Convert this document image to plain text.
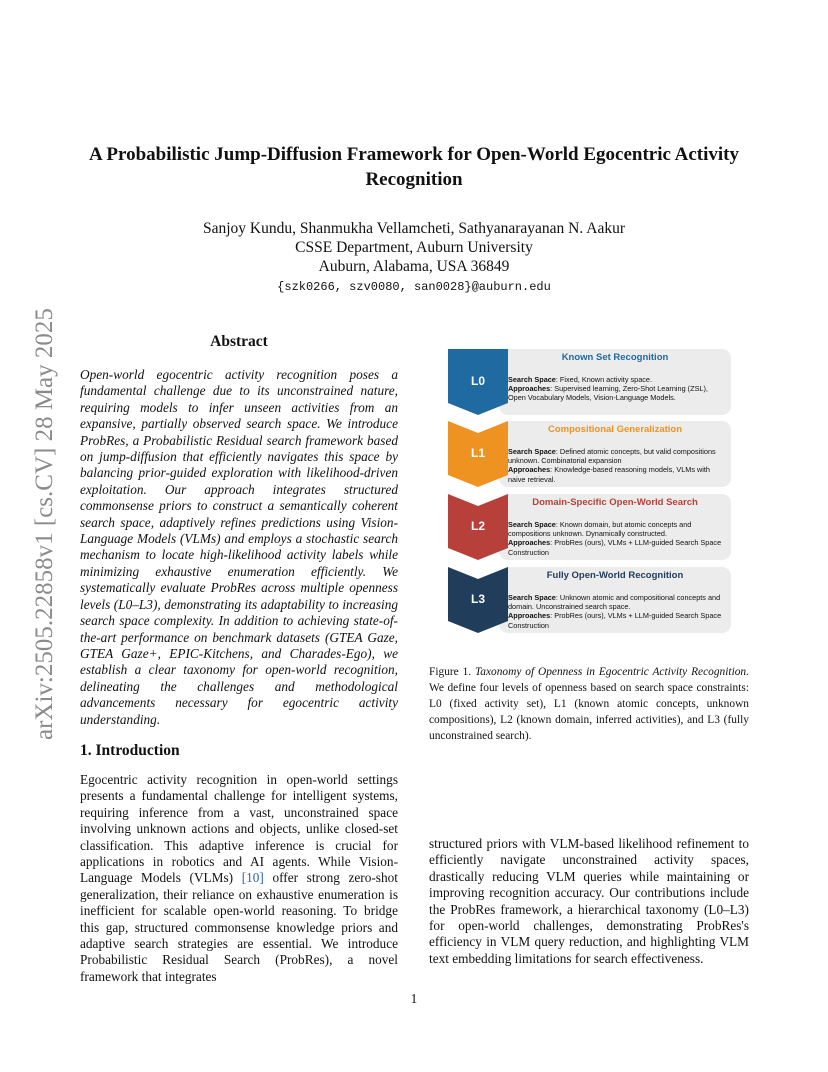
arXiv:2505.22858v1 [cs.CV] 28 May 2025
A Probabilistic Jump-Diffusion Framework for Open-World Egocentric Activity
Recognition
Sanjoy Kundu, Shanmukha Vellamcheti, Sathyanarayanan N. Aakur
CSSE Department, Auburn University
Auburn, Alabama, USA 36849
{szk0266, szv0080, san0028}@auburn.edu
Abstract
Open-world egocentric activity recognition poses a fundamental challenge due to its unconstrained nature, requiring models to infer unseen activities from an expansive, partially observed search space. We introduce ProbRes, a Probabilistic Residual search framework based on jump-diffusion that efficiently navigates this space by balancing prior-guided exploration with likelihood-driven exploitation. Our approach integrates structured commonsense priors to construct a semantically coherent search space, adaptively refines predictions using Vision-Language Models (VLMs) and employs a stochastic search mechanism to locate high-likelihood activity labels while minimizing exhaustive enumeration efficiently. We systematically evaluate ProbRes across multiple openness levels (L0–L3), demonstrating its adaptability to increasing search space complexity. In addition to achieving state-of-the-art performance on benchmark datasets (GTEA Gaze, GTEA Gaze+, EPIC-Kitchens, and Charades-Ego), we establish a clear taxonomy for open-world recognition, delineating the challenges and methodological advancements necessary for egocentric activity understanding.
1. Introduction
Egocentric activity recognition in open-world settings presents a fundamental challenge for intelligent systems, requiring inference from a vast, unconstrained space involving unknown actions and objects, unlike closed-set classification. This adaptive inference is crucial for applications in robotics and AI agents. While Vision-Language Models (VLMs) [10] offer strong zero-shot generalization, their reliance on exhaustive enumeration is inefficient for scalable open-world reasoning. To bridge this gap, structured commonsense knowledge priors and adaptive search strategies are essential. We introduce Probabilistic Residual Search (ProbRes), a novel framework that integrates
structured priors with VLM-based likelihood refinement to efficiently navigate unconstrained activity spaces, drastically reducing VLM queries while maintaining or improving recognition accuracy. Our contributions include the ProbRes framework, a hierarchical taxonomy (L0–L3) for open-world challenges, demonstrating ProbRes's efficiency in VLM query reduction, and highlighting VLM text embedding limitations for search effectiveness.
Known Set Recognition
Search Space: Fixed, Known activity space.
Approaches: Supervised learning, Zero-Shot Learning (ZSL), Open Vocabulary Models, Vision-Language Models.
L0
Compositional Generalization
Search Space: Defined atomic concepts, but valid compositions unknown. Combinatorial expansion
Approaches: Knowledge-based reasoning models, VLMs with naive retrieval.
L1
Domain-Specific Open-World Search
Search Space: Known domain, but atomic concepts and compositions unknown. Dynamically constructed.
Approaches: ProbRes (ours), VLMs + LLM-guided Search Space Construction
L2
Fully Open-World Recognition
Search Space: Unknown atomic and compositional concepts and domain. Unconstrained search space.
Approaches: ProbRes (ours), VLMs + LLM-guided Search Space Construction
L3
Figure 1. Taxonomy of Openness in Egocentric Activity Recognition. We define four levels of openness based on search space constraints: L0 (fixed activity set), L1 (known atomic concepts, unknown compositions), L2 (known domain, inferred activities), and L3 (fully unconstrained search).
1
